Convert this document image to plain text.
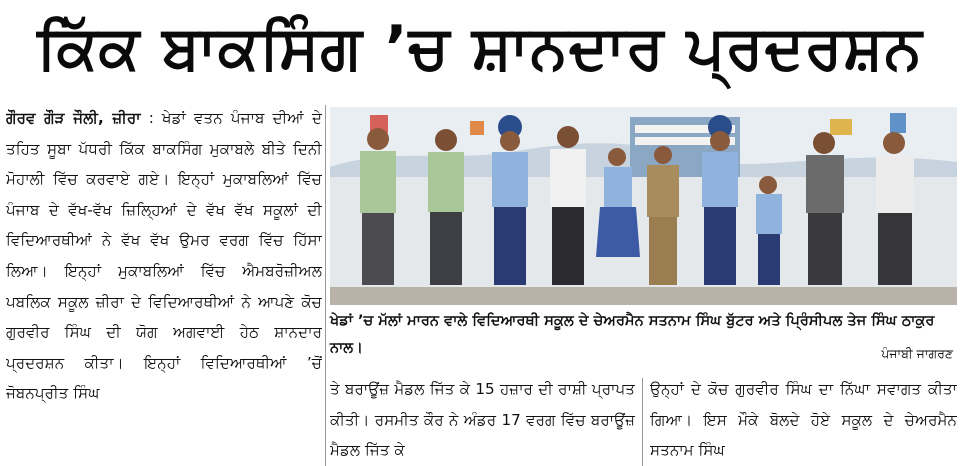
ਕਿੱਕ ਬਾਕਸਿੰਗ ’ਚ ਸ਼ਾਨਦਾਰ ਪ੍ਰਦਰਸ਼ਨ

ਗੌਰਵ ਗੌੜ ਜੌਲੀ, ਜ਼ੀਰਾ : ਖੇਡਾਂ ਵਤਨ ਪੰਜਾਬ ਦੀਆਂ ਦੇ ਤਹਿਤ ਸੂਬਾ ਪੱਧਰੀ ਕਿੱਕ ਬਾਕਸਿੰਗ ਮੁਕਾਬਲੇ ਬੀਤੇ ਦਿਨੀ ਮੋਹਾਲੀ ਵਿੱਚ ਕਰਵਾਏ ਗਏ। ਇਨ੍ਹਾਂ ਮੁਕਾਬਲਿਆਂ ਵਿੱਚ ਪੰਜਾਬ ਦੇ ਵੱਖ-ਵੱਖ ਜ਼ਿਲ੍ਹਿਆਂ ਦੇ ਵੱਖ ਵੱਖ ਸਕੂਲਾਂ ਦੀ ਵਿਦਿਆਰਥੀਆਂ ਨੇ ਵੱਖ ਵੱਖ ਉਮਰ ਵਰਗ ਵਿੱਚ ਹਿੱਸਾ ਲਿਆ। ਇਨ੍ਹਾਂ ਮੁਕਾਬਲਿਆਂ ਵਿੱਚ ਐਮਬਰੋਜ਼ੀਅਲ ਪਬਲਿਕ ਸਕੂਲ ਜ਼ੀਰਾ ਦੇ ਵਿਦਿਆਰਥੀਆਂ ਨੇ ਆਪਣੇ ਕੋਚ ਗੁਰਵੀਰ ਸਿੰਘ ਦੀ ਯੋਗ ਅਗਵਾਈ ਹੇਠ ਸ਼ਾਨਦਾਰ ਪ੍ਰਦਰਸ਼ਨ ਕੀਤਾ। ਇਨ੍ਹਾਂ ਵਿਦਿਆਰਥੀਆਂ ’ਚੋਂ ਜੋਬਨਪ੍ਰੀਤ ਸਿੰਘ

ਖੇਡਾਂ ’ਚ ਮੱਲਾਂ ਮਾਰਨ ਵਾਲੇ ਵਿਦਿਆਰਥੀ ਸਕੂਲ ਦੇ ਚੇਅਰਮੈਨ ਸਤਨਾਮ ਸਿੰਘ ਬੁੱਟਰ ਅਤੇ ਪ੍ਰਿੰਸੀਪਲ ਤੇਜ ਸਿੰਘ ਠਾਕੁਰ ਨਾਲ।	ਪੰਜਾਬੀ ਜਾਗਰਣ
ਤੇ ਬਰਾਊਂਜ਼ ਮੈਡਲ ਜਿੱਤ ਕੇ 15 ਹਜ਼ਾਰ ਦੀ ਰਾਸ਼ੀ ਪ੍ਰਾਪਤ ਕੀਤੀ। ਰਸਮੀਤ ਕੌਰ ਨੇ ਅੰਡਰ 17 ਵਰਗ ਵਿੱਚ ਬਰਾਊਂਜ਼ ਮੈਡਲ ਜਿੱਤ ਕੇ
ਉਨ੍ਹਾਂ ਦੇ ਕੋਚ ਗੁਰਵੀਰ ਸਿੰਘ ਦਾ ਨਿੱਘਾ ਸਵਾਗਤ ਕੀਤਾ ਗਿਆ। ਇਸ ਮੌਕੇ ਬੋਲਦੇ ਹੋਏ ਸਕੂਲ ਦੇ ਚੇਅਰਮੈਨ ਸਤਨਾਮ ਸਿੰਘ
